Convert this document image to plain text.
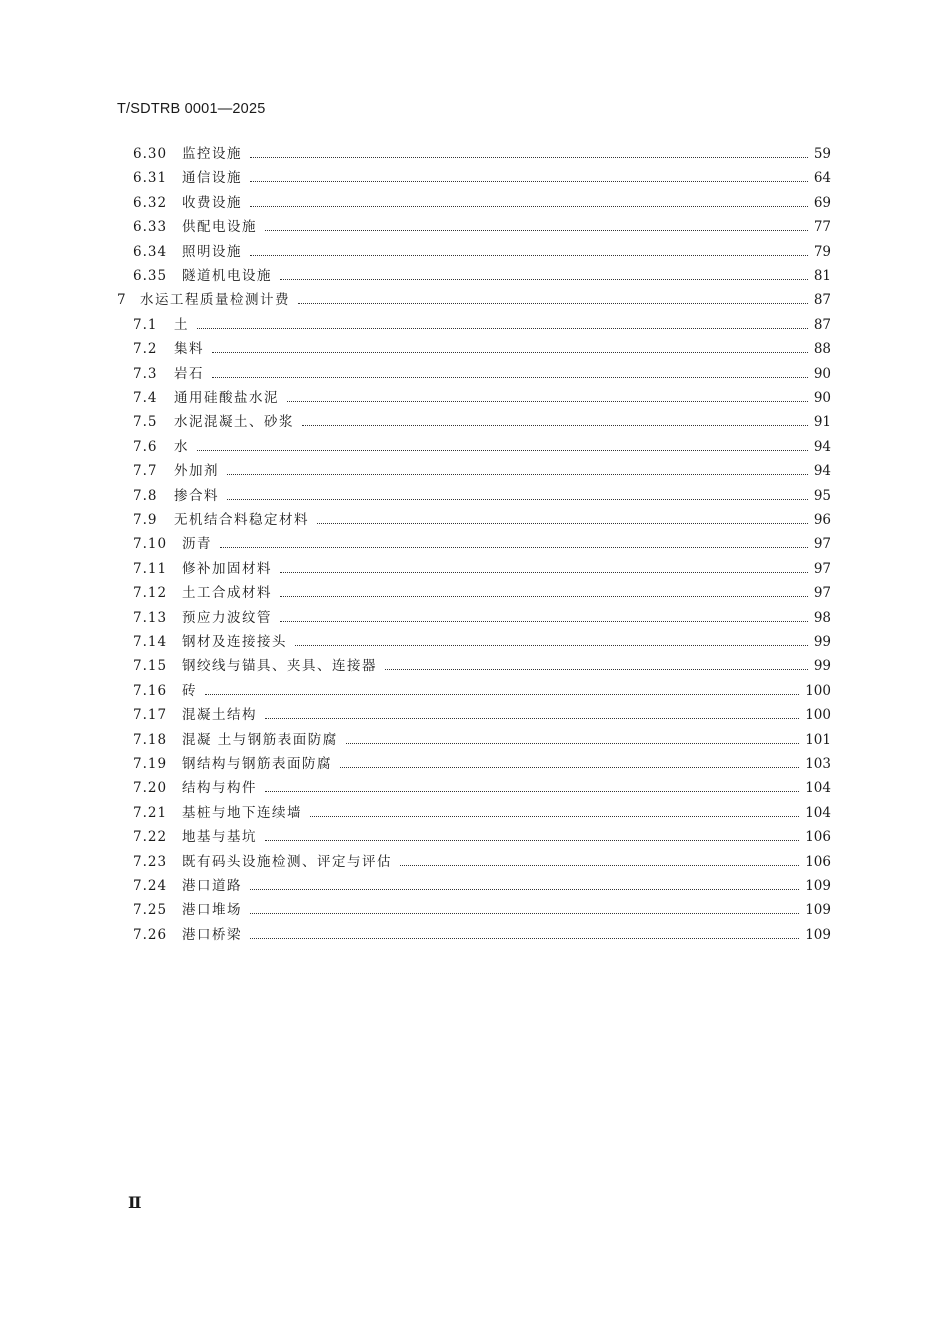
T/SDTRB 0001—2025
6.30 监控设施	59
6.31 通信设施	64
6.32 收费设施	69
6.33 供配电设施	77
6.34 照明设施	79
6.35 隧道机电设施	81
7 水运工程质量检测计费	87
7.1 土	87
7.2 集料	88
7.3 岩石	90
7.4 通用硅酸盐水泥	90
7.5 水泥混凝土、砂浆	91
7.6 水	94
7.7 外加剂	94
7.8 掺合料	95
7.9 无机结合料稳定材料	96
7.10 沥青	97
7.11 修补加固材料	97
7.12 土工合成材料	97
7.13 预应力波纹管	98
7.14 钢材及连接接头	99
7.15 钢绞线与锚具、夹具、连接器	99
7.16 砖	100
7.17 混凝土结构	100
7.18 混凝 土与钢筋表面防腐	101
7.19 钢结构与钢筋表面防腐	103
7.20 结构与构件	104
7.21 基桩与地下连续墙	104
7.22 地基与基坑	106
7.23 既有码头设施检测、评定与评估	106
7.24 港口道路	109
7.25 港口堆场	109
7.26 港口桥梁	109
Ⅱ
